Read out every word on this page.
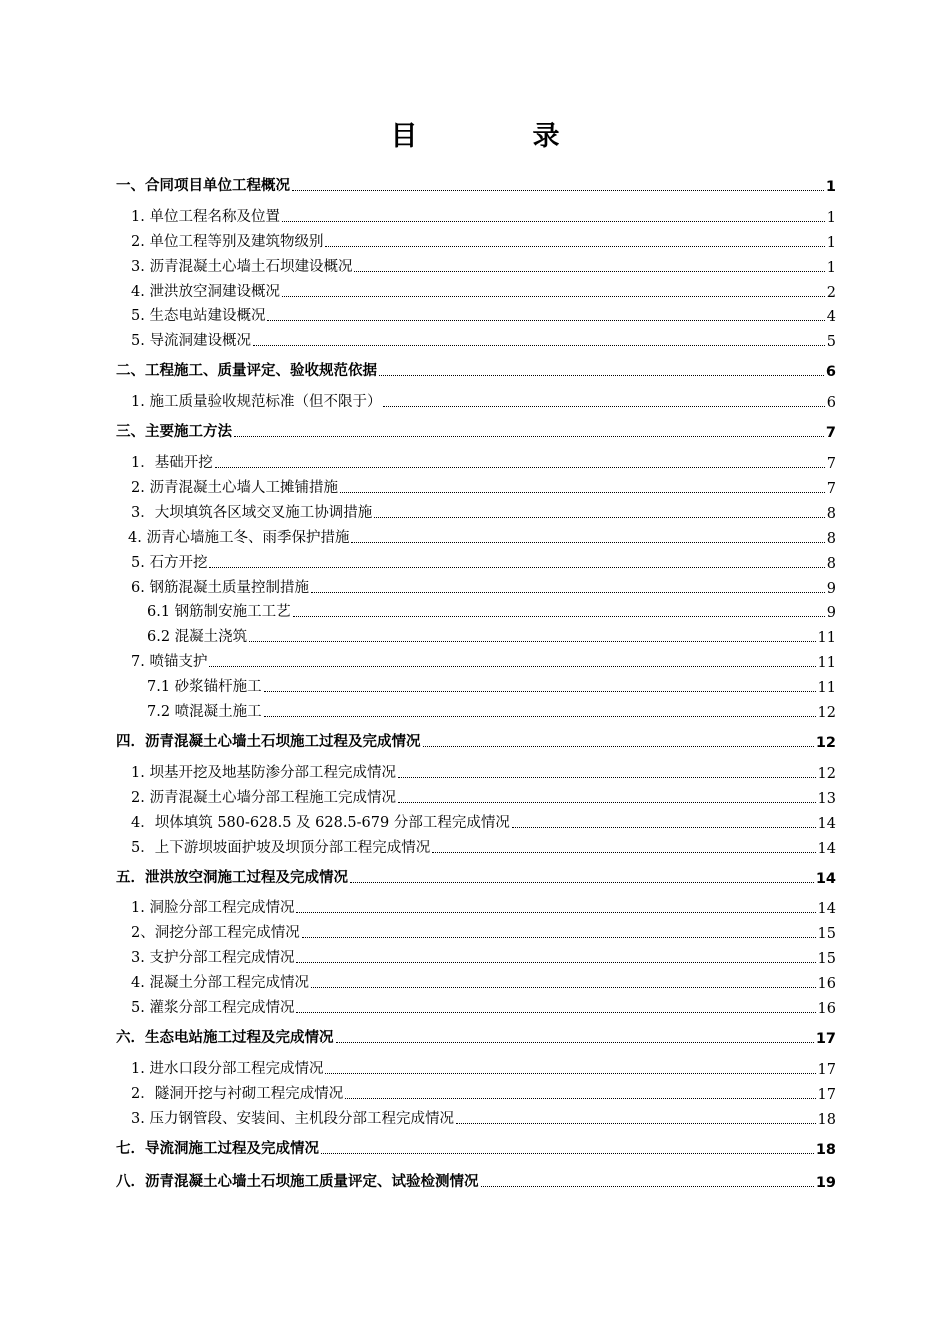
目　录
一、合同项目单位工程概况	1
1. 单位工程名称及位置	1
2. 单位工程等别及建筑物级别	1
3. 沥青混凝土心墙土石坝建设概况	1
4. 泄洪放空洞建设概况	2
5. 生态电站建设概况	4
5. 导流洞建设概况	5
二、工程施工、质量评定、验收规范依据	6
1. 施工质量验收规范标准（但不限于）	6
三、主要施工方法	7
1．基础开挖	7
2. 沥青混凝土心墙人工摊铺措施	7
3．大坝填筑各区域交叉施工协调措施	8
4. 沥青心墙施工冬、雨季保护措施	8
5. 石方开挖	8
6. 钢筋混凝土质量控制措施	9
6.1 钢筋制安施工工艺	9
6.2 混凝土浇筑	11
7. 喷锚支护	11
7.1 砂浆锚杆施工	11
7.2 喷混凝土施工	12
四．沥青混凝土心墙土石坝施工过程及完成情况	12
1. 坝基开挖及地基防渗分部工程完成情况	12
2. 沥青混凝土心墙分部工程施工完成情况	13
4．坝体填筑 580-628.5 及 628.5-679 分部工程完成情况	14
5．上下游坝坡面护坡及坝顶分部工程完成情况	14
五．泄洪放空洞施工过程及完成情况	14
1. 洞脸分部工程完成情况	14
2、洞挖分部工程完成情况	15
3. 支护分部工程完成情况	15
4. 混凝土分部工程完成情况	16
5. 灌浆分部工程完成情况	16
六．生态电站施工过程及完成情况	17
1. 进水口段分部工程完成情况	17
2．隧洞开挖与衬砌工程完成情况	17
3. 压力钢管段、安装间、主机段分部工程完成情况	18
七．导流洞施工过程及完成情况	18
八．沥青混凝土心墙土石坝施工质量评定、试验检测情况	19
